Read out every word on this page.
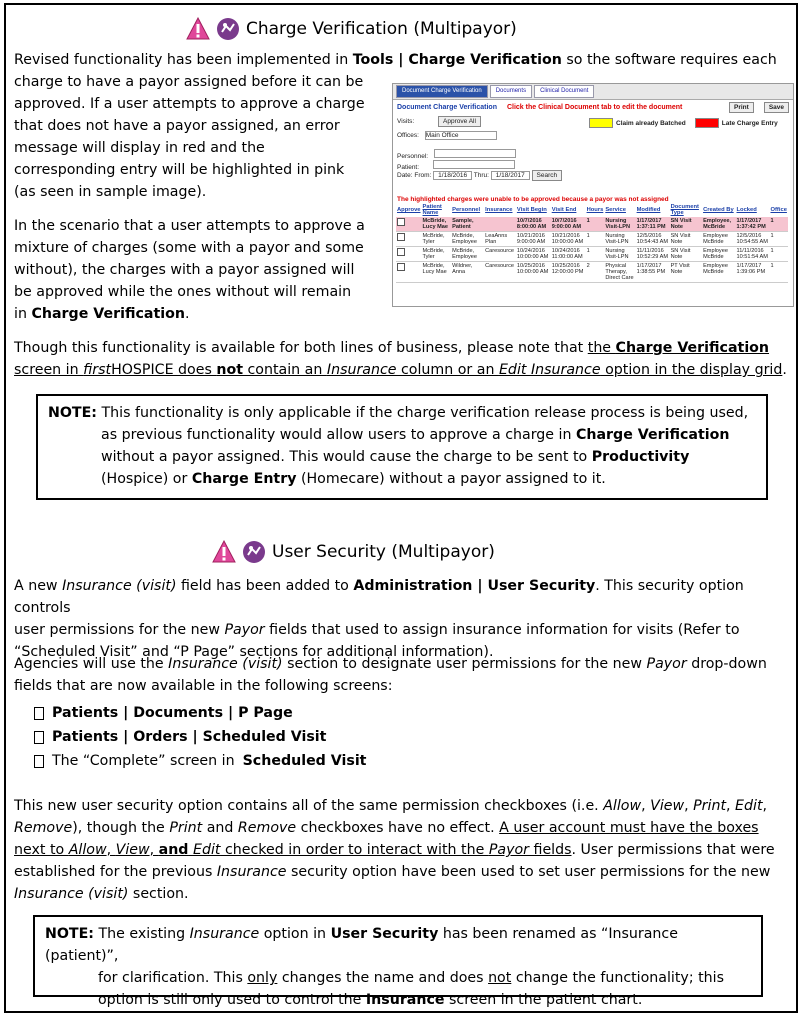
Charge Verification (Multipayor)
Revised functionality has been implemented in Tools | Charge Verification so the software requires each
charge to have a payor assigned before it can be
approved. If a user attempts to approve a charge
that does not have a payor assigned, an error
message will display in red and the
corresponding entry will be highlighted in pink
(as seen in sample image).
In the scenario that a user attempts to approve a
mixture of charges (some with a payor and some
without), the charges with a payor assigned will
be approved while the ones without will remain
in Charge Verification.
Document Charge Verification	Documents	Clinical Document
Document Charge Verification Click the Clinical Document tab to edit the document	Print	Save
Visits:	Approve All
Offices: Main Office
Claim already Batched	Late Charge Entry
Personnel:
Patient:
Date: From: 1/18/2016 Thru: 1/18/2017 Search
The highlighted charges were unable to be approved because a payor was not assigned
Approve	Patient Name	Personnel	Insurance	Visit Begin	Visit End	Hours	Service	Modified	Document Type	Created By	Locked	Office
	McBride, Lucy Mae	Sample, Patient		10/7/2016 8:00:00 AM	10/7/2016 9:00:00 AM	1	Nursing Visit-LPN	1/17/2017 1:37:11 PM	SN Visit Note	Employee, McBride	1/17/2017 1:37:42 PM	1
	McBride, Tyler	McBride, Employee	LeaAnns Plan	10/21/2016 9:00:00 AM	10/21/2016 10:00:00 AM	1	Nursing Visit-LPN	12/5/2016 10:54:43 AM	SN Visit Note	Employee McBride	12/5/2016 10:54:55 AM	1
	McBride, Tyler	McBride, Employee	Caresource	10/24/2016 10:00:00 AM	10/24/2016 11:00:00 AM	1	Nursing Visit-LPN	11/11/2016 10:52:29 AM	SN Visit Note	Employee McBride	11/11/2016 10:51:54 AM	1
	McBride, Lucy Mae	Wildner, Anna	Caresource	10/25/2016 10:00:00 AM	10/25/2016 12:00:00 PM	2	Physical Therapy, Direct Care	1/17/2017 1:38:55 PM	PT Visit Note	Employee McBride	1/17/2017 1:39:06 PM	1
Though this functionality is available for both lines of business, please note that the Charge Verification
screen in firstHOSPICE does not contain an Insurance column or an Edit Insurance option in the display grid.
NOTE: This functionality is only applicable if the charge verification release process is being used,
as previous functionality would allow users to approve a charge in Charge Verification
without a payor assigned. This would cause the charge to be sent to Productivity
(Hospice) or Charge Entry (Homecare) without a payor assigned to it.
User Security (Multipayor)
A new Insurance (visit) field has been added to Administration | User Security. This security option controls
user permissions for the new Payor fields that used to assign insurance information for visits (Refer to
“Scheduled Visit” and “P Page” sections for additional information).
Agencies will use the Insurance (visit) section to designate user permissions for the new Payor drop-down
fields that are now available in the following screens:
Patients | Documents | P Page
Patients | Orders | Scheduled Visit
The “Complete” screen in Scheduled Visit
This new user security option contains all of the same permission checkboxes (i.e. Allow, View, Print, Edit,
Remove), though the Print and Remove checkboxes have no effect. A user account must have the boxes
next to Allow, View, and Edit checked in order to interact with the Payor fields. User permissions that were
established for the previous Insurance security option have been used to set user permissions for the new
Insurance (visit) section.
NOTE: The existing Insurance option in User Security has been renamed as “Insurance (patient)”,
for clarification. This only changes the name and does not change the functionality; this
option is still only used to control the Insurance screen in the patient chart.
